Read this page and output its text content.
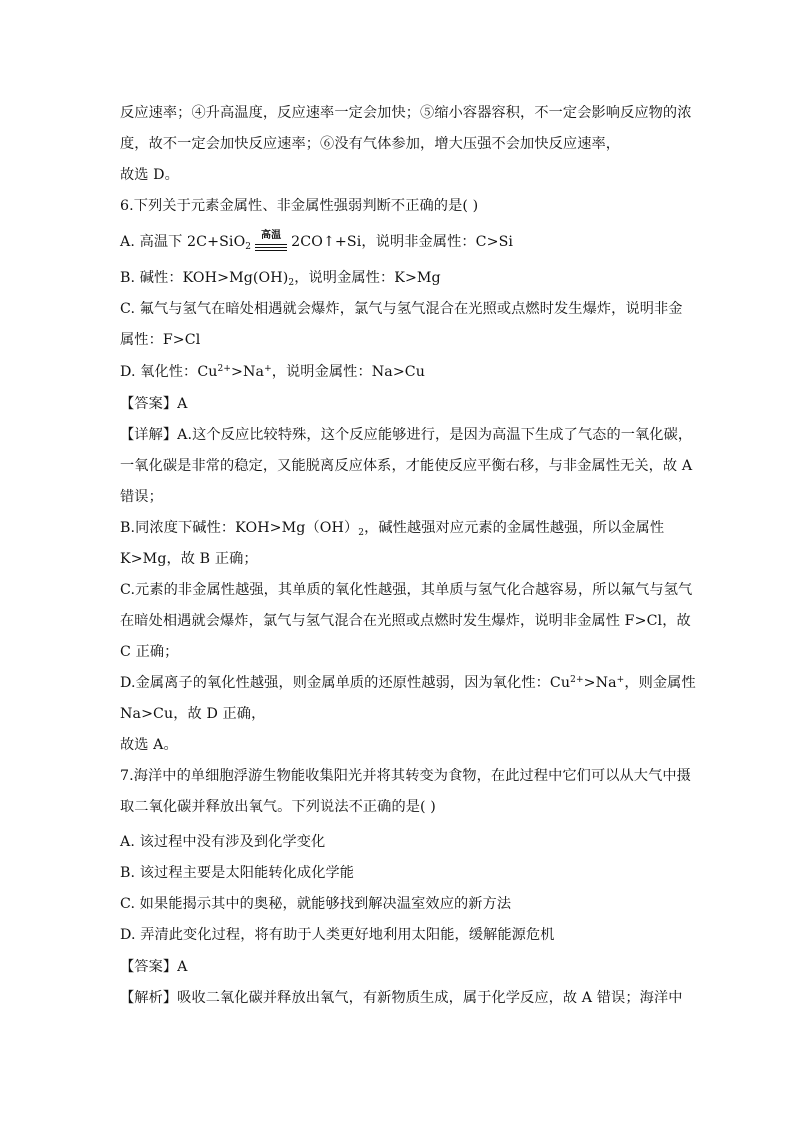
反应速率；④升高温度，反应速率一定会加快；⑤缩小容器容积，不一定会影响反应物的浓
度，故不一定会加快反应速率；⑥没有气体参加，增大压强不会加快反应速率，
故选 D。
6.下列关于元素金属性、非金属性强弱判断不正确的是( )
A. 高温下 2C+SiO$_2$
高温 2CO↑+Si，说明非金属性：C>Si
B. 碱性：$KOH>Mg(OH)_2$，说明金属性：K>Mg
C. 氟气与氢气在暗处相遇就会爆炸，氯气与氢气混合在光照或点燃时发生爆炸，说明非金
属性：F>Cl
D. 氧化性：$Cu^{2+}>Na^+$，说明金属性：Na>Cu
【答案】A
【详解】A.这个反应比较特殊，这个反应能够进行，是因为高温下生成了气态的一氧化碳，
一氧化碳是非常的稳定，又能脱离反应体系，才能使反应平衡右移，与非金属性无关，故 A
错误；
B.同浓度下碱性：$KOH>Mg(OH)_2$，碱性越强对应元素的金属性越强，所以金属性
K>Mg，故 B 正确；
C.元素的非金属性越强，其单质的氧化性越强，其单质与氢气化合越容易，所以氟气与氢气
在暗处相遇就会爆炸，氯气与氢气混合在光照或点燃时发生爆炸，说明非金属性 F>Cl，故
C 正确；
D.金属离子的氧化性越强，则金属单质的还原性越弱，因为氧化性：$Cu^{2+}>Na^+$，则金属性
Na>Cu，故 D 正确，
故选 A。
7.海洋中的单细胞浮游生物能收集阳光并将其转变为食物，在此过程中它们可以从大气中摄
取二氧化碳并释放出氧气。下列说法不正确的是( )
A. 该过程中没有涉及到化学变化
B. 该过程主要是太阳能转化成化学能
C. 如果能揭示其中的奥秘，就能够找到解决温室效应的新方法
D. 弄清此变化过程，将有助于人类更好地利用太阳能，缓解能源危机
【答案】A
【解析】吸收二氧化碳并释放出氧气，有新物质生成，属于化学反应，故 A 错误；海洋中
